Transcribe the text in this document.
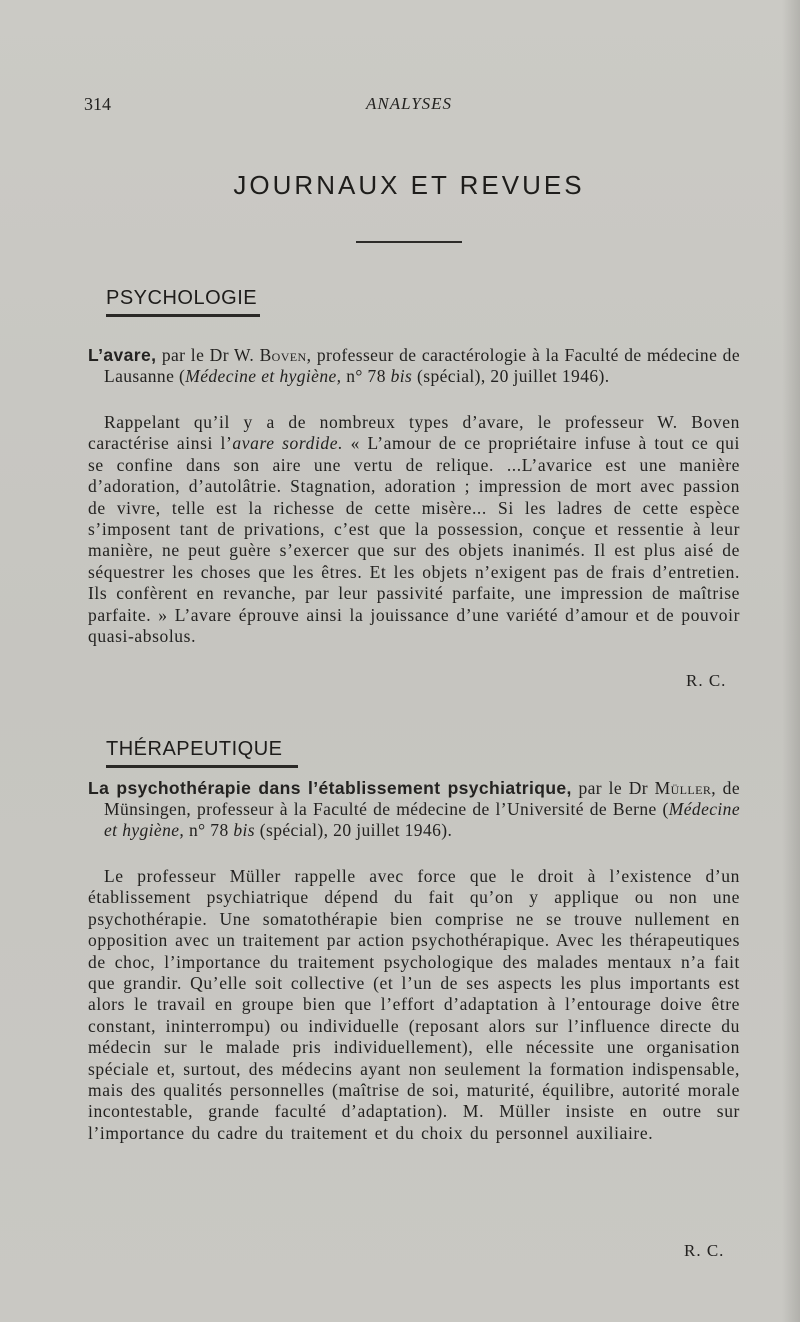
314	ANALYSES
JOURNAUX ET REVUES
PSYCHOLOGIE
L’avare, par le Dr W. Boven, professeur de caractérologie à la Faculté de médecine de Lausanne (Médecine et hygiène, n° 78 bis (spécial), 20 juillet 1946).
Rappelant qu’il y a de nombreux types d’avare, le professeur W. Boven caractérise ainsi l’avare sordide. « L’amour de ce propriétaire infuse à tout ce qui se confine dans son aire une vertu de relique. ...L’avarice est une manière d’adoration, d’autolâtrie. Stagnation, adoration ; impression de mort avec passion de vivre, telle est la richesse de cette misère... Si les ladres de cette espèce s’imposent tant de privations, c’est que la possession, conçue et ressentie à leur manière, ne peut guère s’exercer que sur des objets inanimés. Il est plus aisé de séquestrer les choses que les êtres. Et les objets n’exigent pas de frais d’entretien. Ils confèrent en revanche, par leur passivité parfaite, une impression de maîtrise parfaite. » L’avare éprouve ainsi la jouissance d’une variété d’amour et de pouvoir quasi-absolus.
R. C.
THÉRAPEUTIQUE
La psychothérapie dans l’établissement psychiatrique, par le Dr Müller, de Münsingen, professeur à la Faculté de médecine de l’Université de Berne (Médecine et hygiène, n° 78 bis (spécial), 20 juillet 1946).
Le professeur Müller rappelle avec force que le droit à l’existence d’un établissement psychiatrique dépend du fait qu’on y applique ou non une psychothérapie. Une somatothérapie bien comprise ne se trouve nullement en opposition avec un traitement par action psychothérapique. Avec les thérapeutiques de choc, l’importance du traitement psychologique des malades mentaux n’a fait que grandir. Qu’elle soit collective (et l’un de ses aspects les plus importants est alors le travail en groupe bien que l’effort d’adaptation à l’entourage doive être constant, ininterrompu) ou individuelle (reposant alors sur l’influence directe du médecin sur le malade pris individuellement), elle nécessite une organisation spéciale et, surtout, des médecins ayant non seulement la formation indispensable, mais des qualités personnelles (maîtrise de soi, maturité, équilibre, autorité morale incontestable, grande faculté d’adaptation). M. Müller insiste en outre sur l’importance du cadre du traitement et du choix du personnel auxiliaire.
R. C.
